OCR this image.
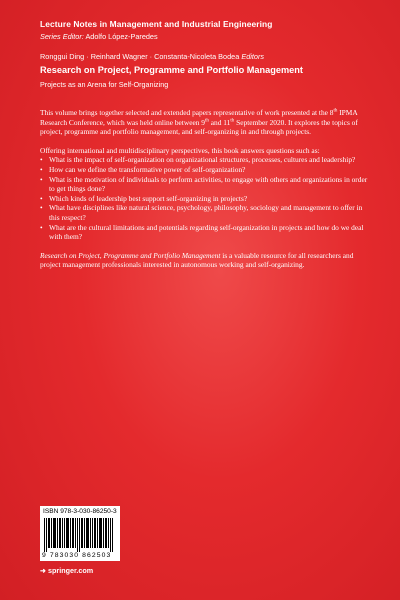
Lecture Notes in Management and Industrial Engineering
Series Editor: Adolfo López-Paredes
Ronggui Ding · Reinhard Wagner · Constanta-Nicoleta Bodea Editors
Research on Project, Programme and Portfolio Management
Projects as an Arena for Self-Organizing

This volume brings together selected and extended papers representative of work presented at the 8th IPMA Research Conference, which was held online between 9th and 11th September 2020. It explores the topics of project, programme and portfolio management, and self-organizing in and through projects.

Offering international and multidisciplinary perspectives, this book answers questions such as:

• What is the impact of self-organization on organizational structures, processes, cultures and leadership?
• How can we define the transformative power of self-organization?
• What is the motivation of individuals to perform activities, to engage with others and organizations in order to get things done?
• Which kinds of leadership best support self-organizing in projects?
• What have disciplines like natural science, psychology, philosophy, sociology and management to offer in this respect?
• What are the cultural limitations and potentials regarding self-organization in projects and how do we deal with them?

Research on Project, Programme and Portfolio Management is a valuable resource for all researchers and project management professionals interested in autonomous working and self-organizing.

ISBN 978-3-030-86250-3
9 783030 862503
➜ springer.com
